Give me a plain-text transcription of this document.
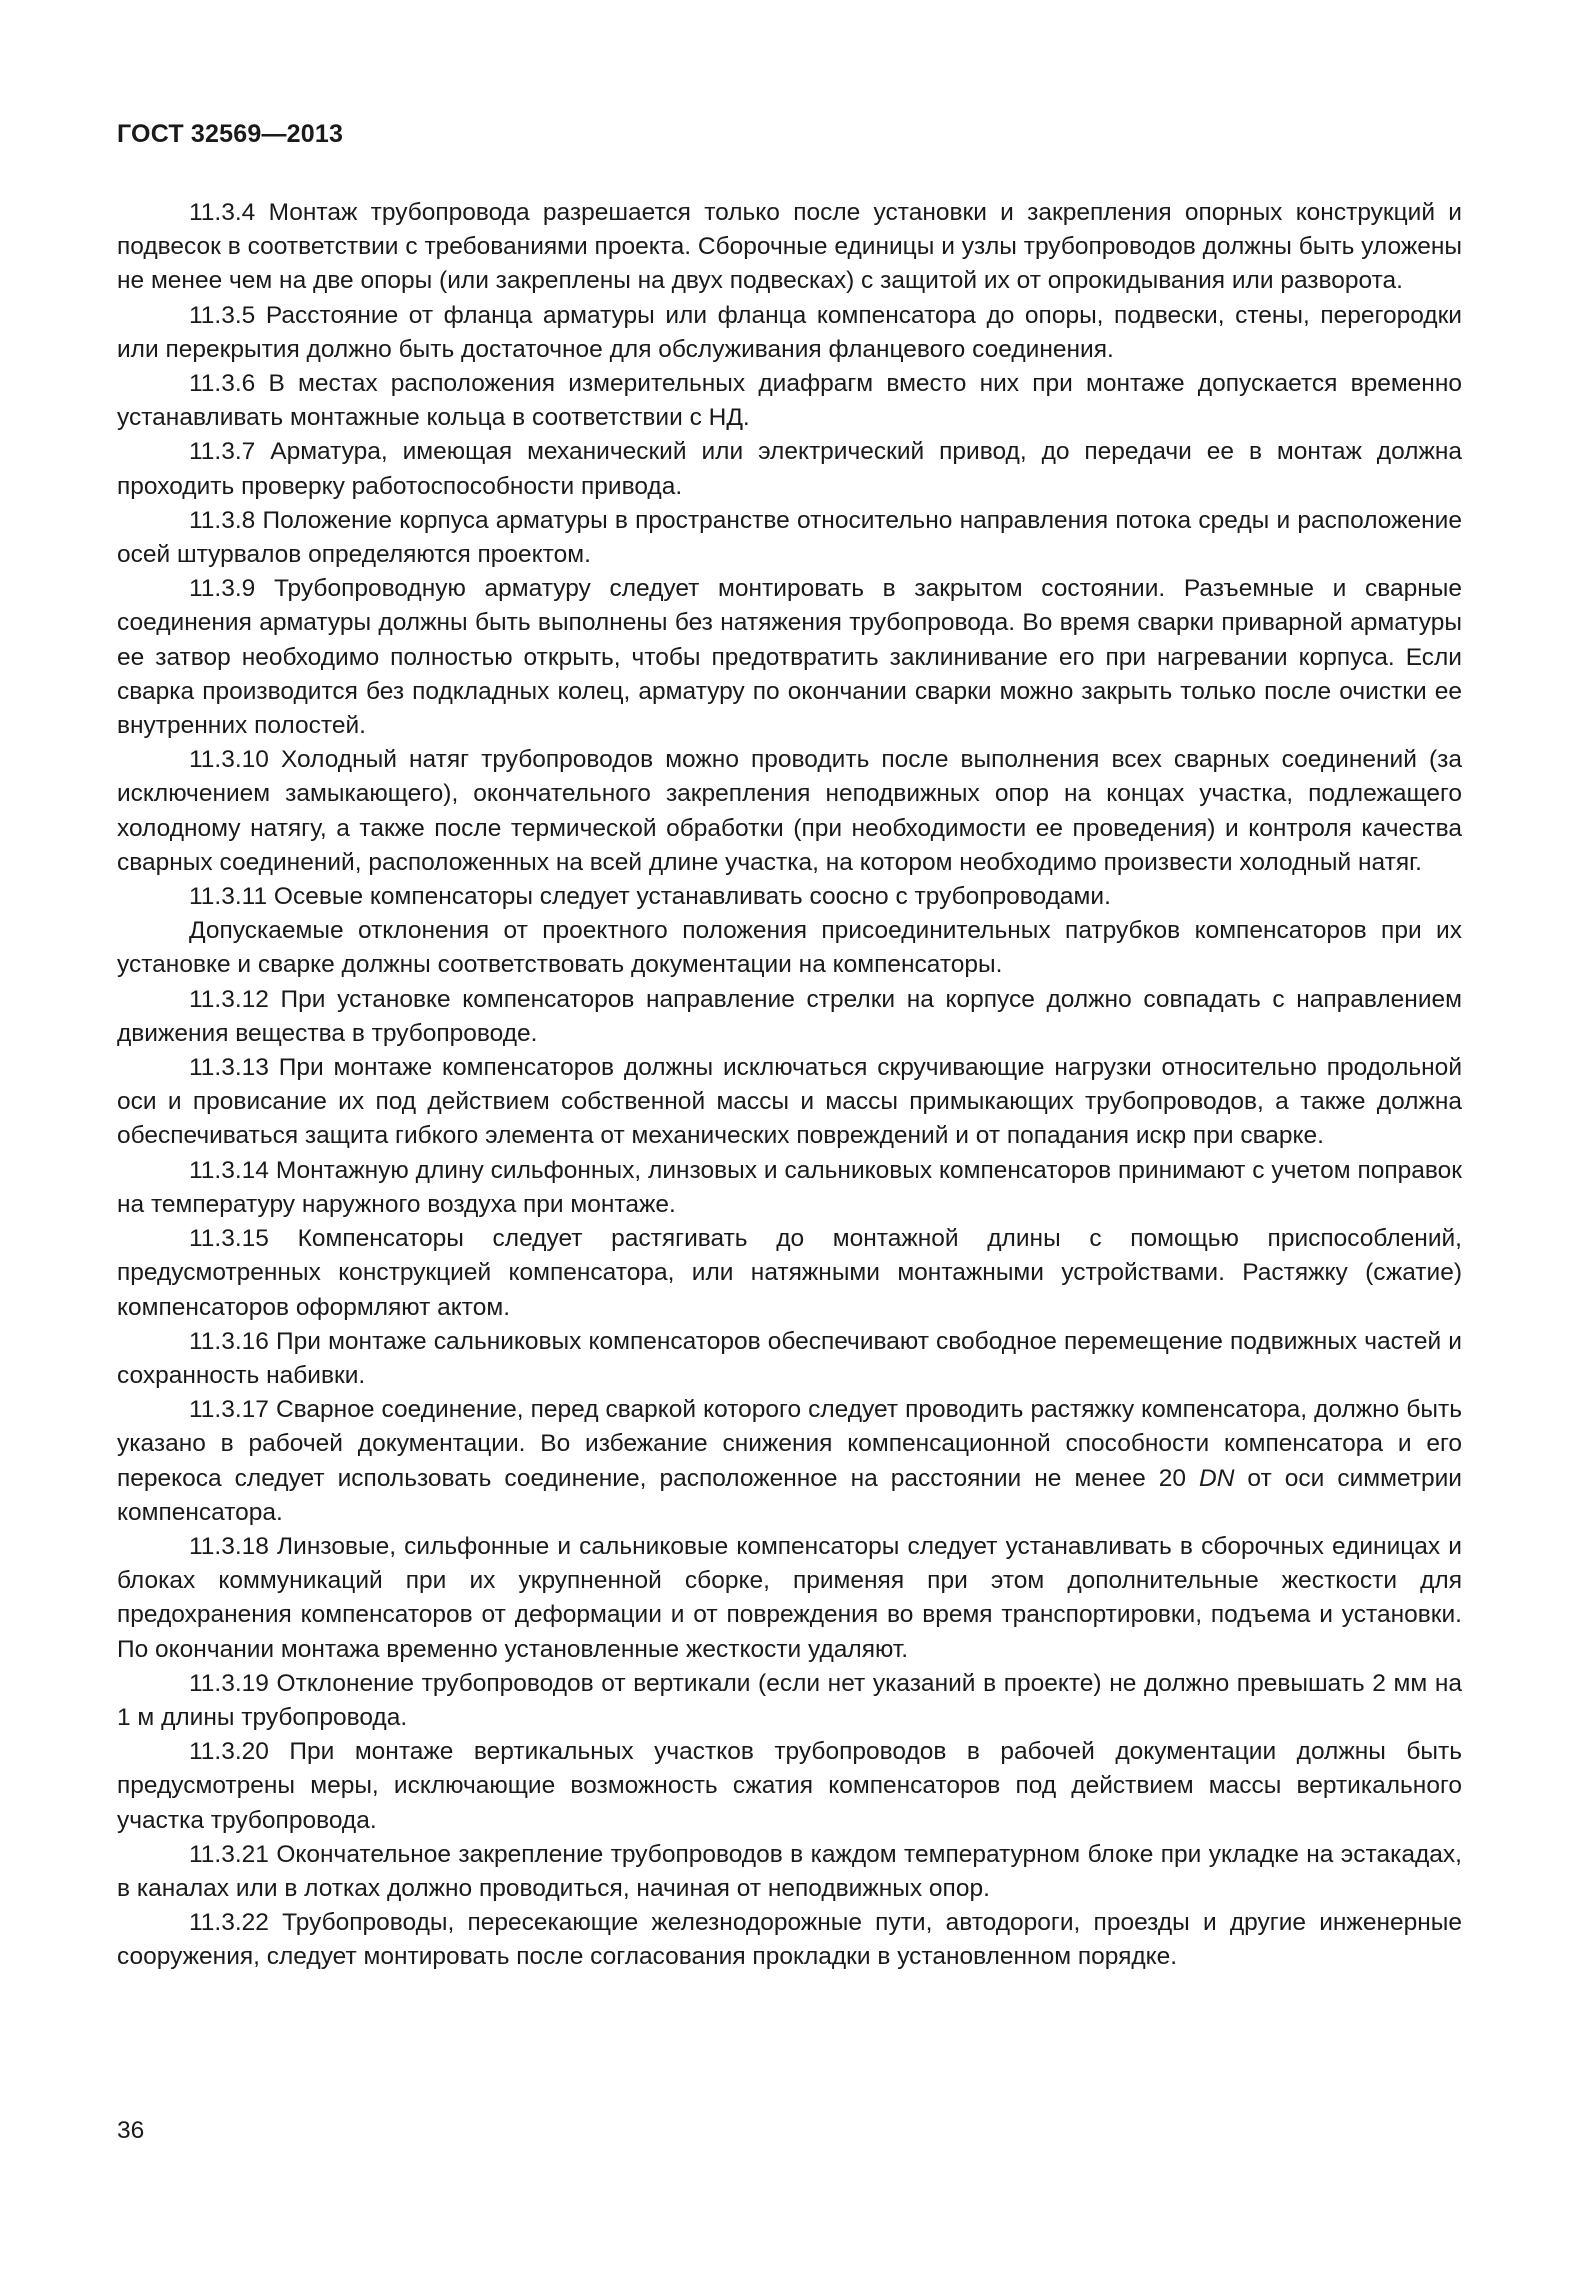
ГОСТ 32569—2013

11.3.4 Монтаж трубопровода разрешается только после установки и закрепления опорных конструкций и подвесок в соответствии с требованиями проекта. Сборочные единицы и узлы трубопроводов должны быть уложены не менее чем на две опоры (или закреплены на двух подвесках) с защитой их от опрокидывания или разворота.

11.3.5 Расстояние от фланца арматуры или фланца компенсатора до опоры, подвески, стены, перегородки или перекрытия должно быть достаточное для обслуживания фланцевого соединения.

11.3.6 В местах расположения измерительных диафрагм вместо них при монтаже допускается временно устанавливать монтажные кольца в соответствии с НД.

11.3.7 Арматура, имеющая механический или электрический привод, до передачи ее в монтаж должна проходить проверку работоспособности привода.

11.3.8 Положение корпуса арматуры в пространстве относительно направления потока среды и расположение осей штурвалов определяются проектом.

11.3.9 Трубопроводную арматуру следует монтировать в закрытом состоянии. Разъемные и сварные соединения арматуры должны быть выполнены без натяжения трубопровода. Во время сварки приварной арматуры ее затвор необходимо полностью открыть, чтобы предотвратить заклинивание его при нагревании корпуса. Если сварка производится без подкладных колец, арматуру по окончании сварки можно закрыть только после очистки ее внутренних полостей.

11.3.10 Холодный натяг трубопроводов можно проводить после выполнения всех сварных соединений (за исключением замыкающего), окончательного закрепления неподвижных опор на концах участка, подлежащего холодному натягу, а также после термической обработки (при необходимости ее проведения) и контроля качества сварных соединений, расположенных на всей длине участка, на котором необходимо произвести холодный натяг.

11.3.11 Осевые компенсаторы следует устанавливать соосно с трубопроводами.

Допускаемые отклонения от проектного положения присоединительных патрубков компенсаторов при их установке и сварке должны соответствовать документации на компенсаторы.

11.3.12 При установке компенсаторов направление стрелки на корпусе должно совпадать с направлением движения вещества в трубопроводе.

11.3.13 При монтаже компенсаторов должны исключаться скручивающие нагрузки относительно продольной оси и провисание их под действием собственной массы и массы примыкающих трубопроводов, а также должна обеспечиваться защита гибкого элемента от механических повреждений и от попадания искр при сварке.

11.3.14 Монтажную длину сильфонных, линзовых и сальниковых компенсаторов принимают с учетом поправок на температуру наружного воздуха при монтаже.

11.3.15 Компенсаторы следует растягивать до монтажной длины с помощью приспособлений, предусмотренных конструкцией компенсатора, или натяжными монтажными устройствами. Растяжку (сжатие) компенсаторов оформляют актом.

11.3.16 При монтаже сальниковых компенсаторов обеспечивают свободное перемещение подвижных частей и сохранность набивки.

11.3.17 Сварное соединение, перед сваркой которого следует проводить растяжку компенсатора, должно быть указано в рабочей документации. Во избежание снижения компенсационной способности компенсатора и его перекоса следует использовать соединение, расположенное на расстоянии не менее 20 DN от оси симметрии компенсатора.

11.3.18 Линзовые, сильфонные и сальниковые компенсаторы следует устанавливать в сборочных единицах и блоках коммуникаций при их укрупненной сборке, применяя при этом дополнительные жесткости для предохранения компенсаторов от деформации и от повреждения во время транспортировки, подъема и установки. По окончании монтажа временно установленные жесткости удаляют.

11.3.19 Отклонение трубопроводов от вертикали (если нет указаний в проекте) не должно превышать 2 мм на 1 м длины трубопровода.

11.3.20 При монтаже вертикальных участков трубопроводов в рабочей документации должны быть предусмотрены меры, исключающие возможность сжатия компенсаторов под действием массы вертикального участка трубопровода.

11.3.21 Окончательное закрепление трубопроводов в каждом температурном блоке при укладке на эстакадах, в каналах или в лотках должно проводиться, начиная от неподвижных опор.

11.3.22 Трубопроводы, пересекающие железнодорожные пути, автодороги, проезды и другие инженерные сооружения, следует монтировать после согласования прокладки в установленном порядке.

36
